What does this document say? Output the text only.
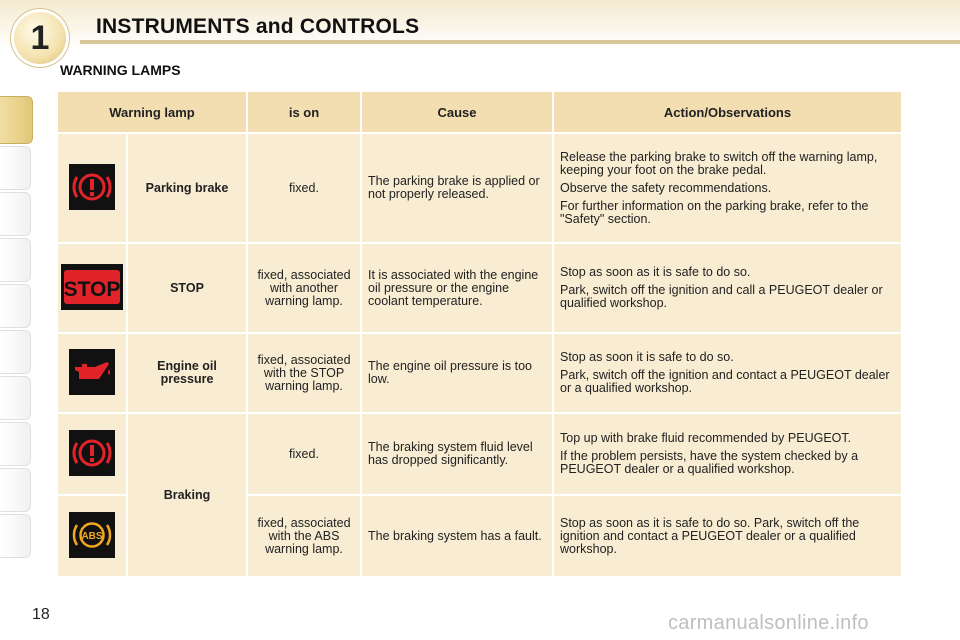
1 INSTRUMENTS and CONTROLS
WARNING LAMPS
Warning lamp		is on	Cause	Action/Observations
	Parking brake	fixed.	The parking brake is applied or not properly released.	Release the parking brake to switch off the warning lamp, keeping your foot on the brake pedal.

Observe the safety recommendations.

For further information on the parking brake, refer to the "Safety" section.

STOP	STOP	fixed, associated with another warning lamp.	It is associated with the engine oil pressure or the engine coolant temperature.	Stop as soon as it is safe to do so.

Park, switch off the ignition and call a PEUGEOT dealer or qualified workshop.

	Engine oil pressure	fixed, associated with the STOP warning lamp.	The engine oil pressure is too low.	Stop as soon it is safe to do so.

Park, switch off the ignition and contact a PEUGEOT dealer or a qualified workshop.

	Braking	fixed.	The braking system fluid level has dropped significantly.	Top up with brake fluid recommended by PEUGEOT.

If the problem persists, have the system checked by a PEUGEOT dealer or a qualified workshop.

ABS		fixed, associated with the ABS warning lamp.	The braking system has a fault.	Stop as soon as it is safe to do so. Park, switch off the ignition and contact a PEUGEOT dealer or a qualified workshop.

18	carmanualsonline.info
